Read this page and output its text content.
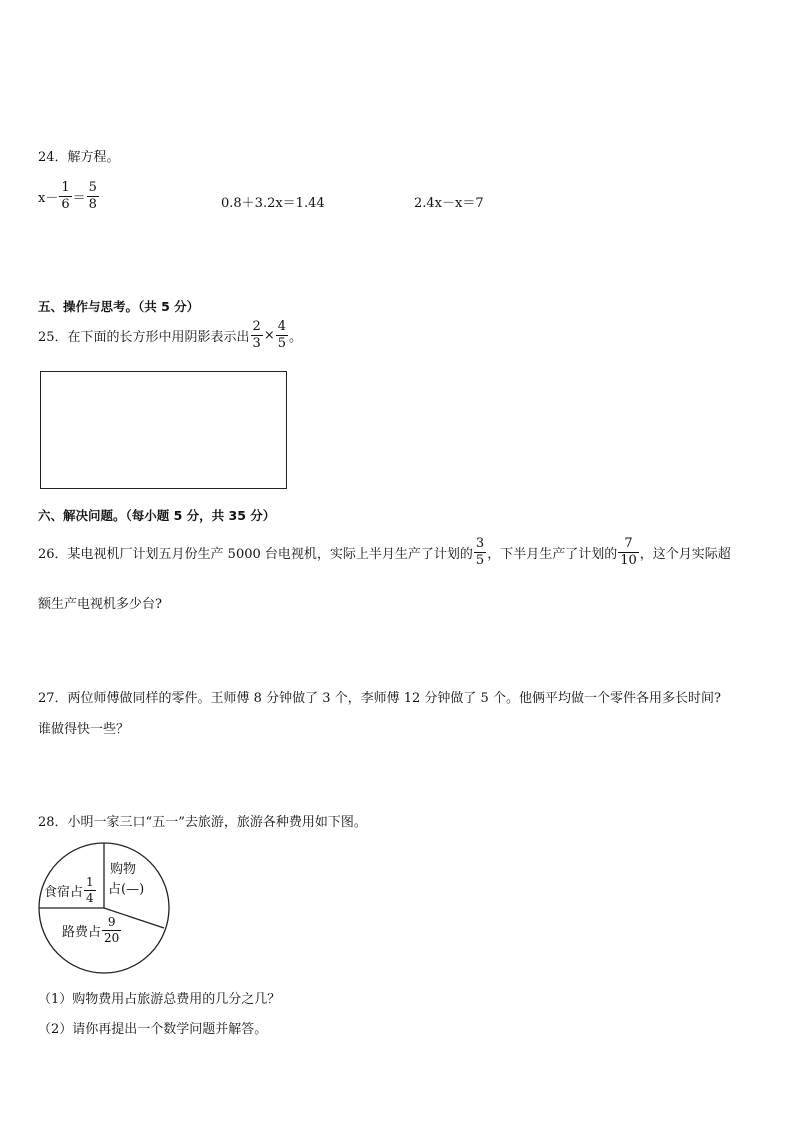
24．解方程。
$x- \frac{1}{6} = \frac{5}{8}$	0.8＋3.2x＝1.44	2.4x－x＝7
五、操作与思考。（共 5 分）
25．在下面的长方形中用阴影表示出 $\frac{2}{3} \times \frac{4}{5}$ 。
六、解决问题。（每小题 5 分，共 35 分）
26．某电视机厂计划五月份生产 5000 台电视机，实际上半月生产了计划的 $\frac{3}{5}$ ，下半月生产了计划的 $\frac{7}{10}$ ，这个月实际超
额生产电视机多少台?
27．两位师傅做同样的零件。王师傅 8 分钟做了 3 个，李师傅 12 分钟做了 5 个。他俩平均做一个零件各用多长时间?
谁做得快一些？
28．小明一家三口“五一”去旅游，旅游各种费用如下图。
食宿占 $\frac{1}{4}$
购物
占(—)
路费占 $\frac{9}{20}$
（1）购物费用占旅游总费用的几分之几？
（2）请你再提出一个数学问题并解答。
